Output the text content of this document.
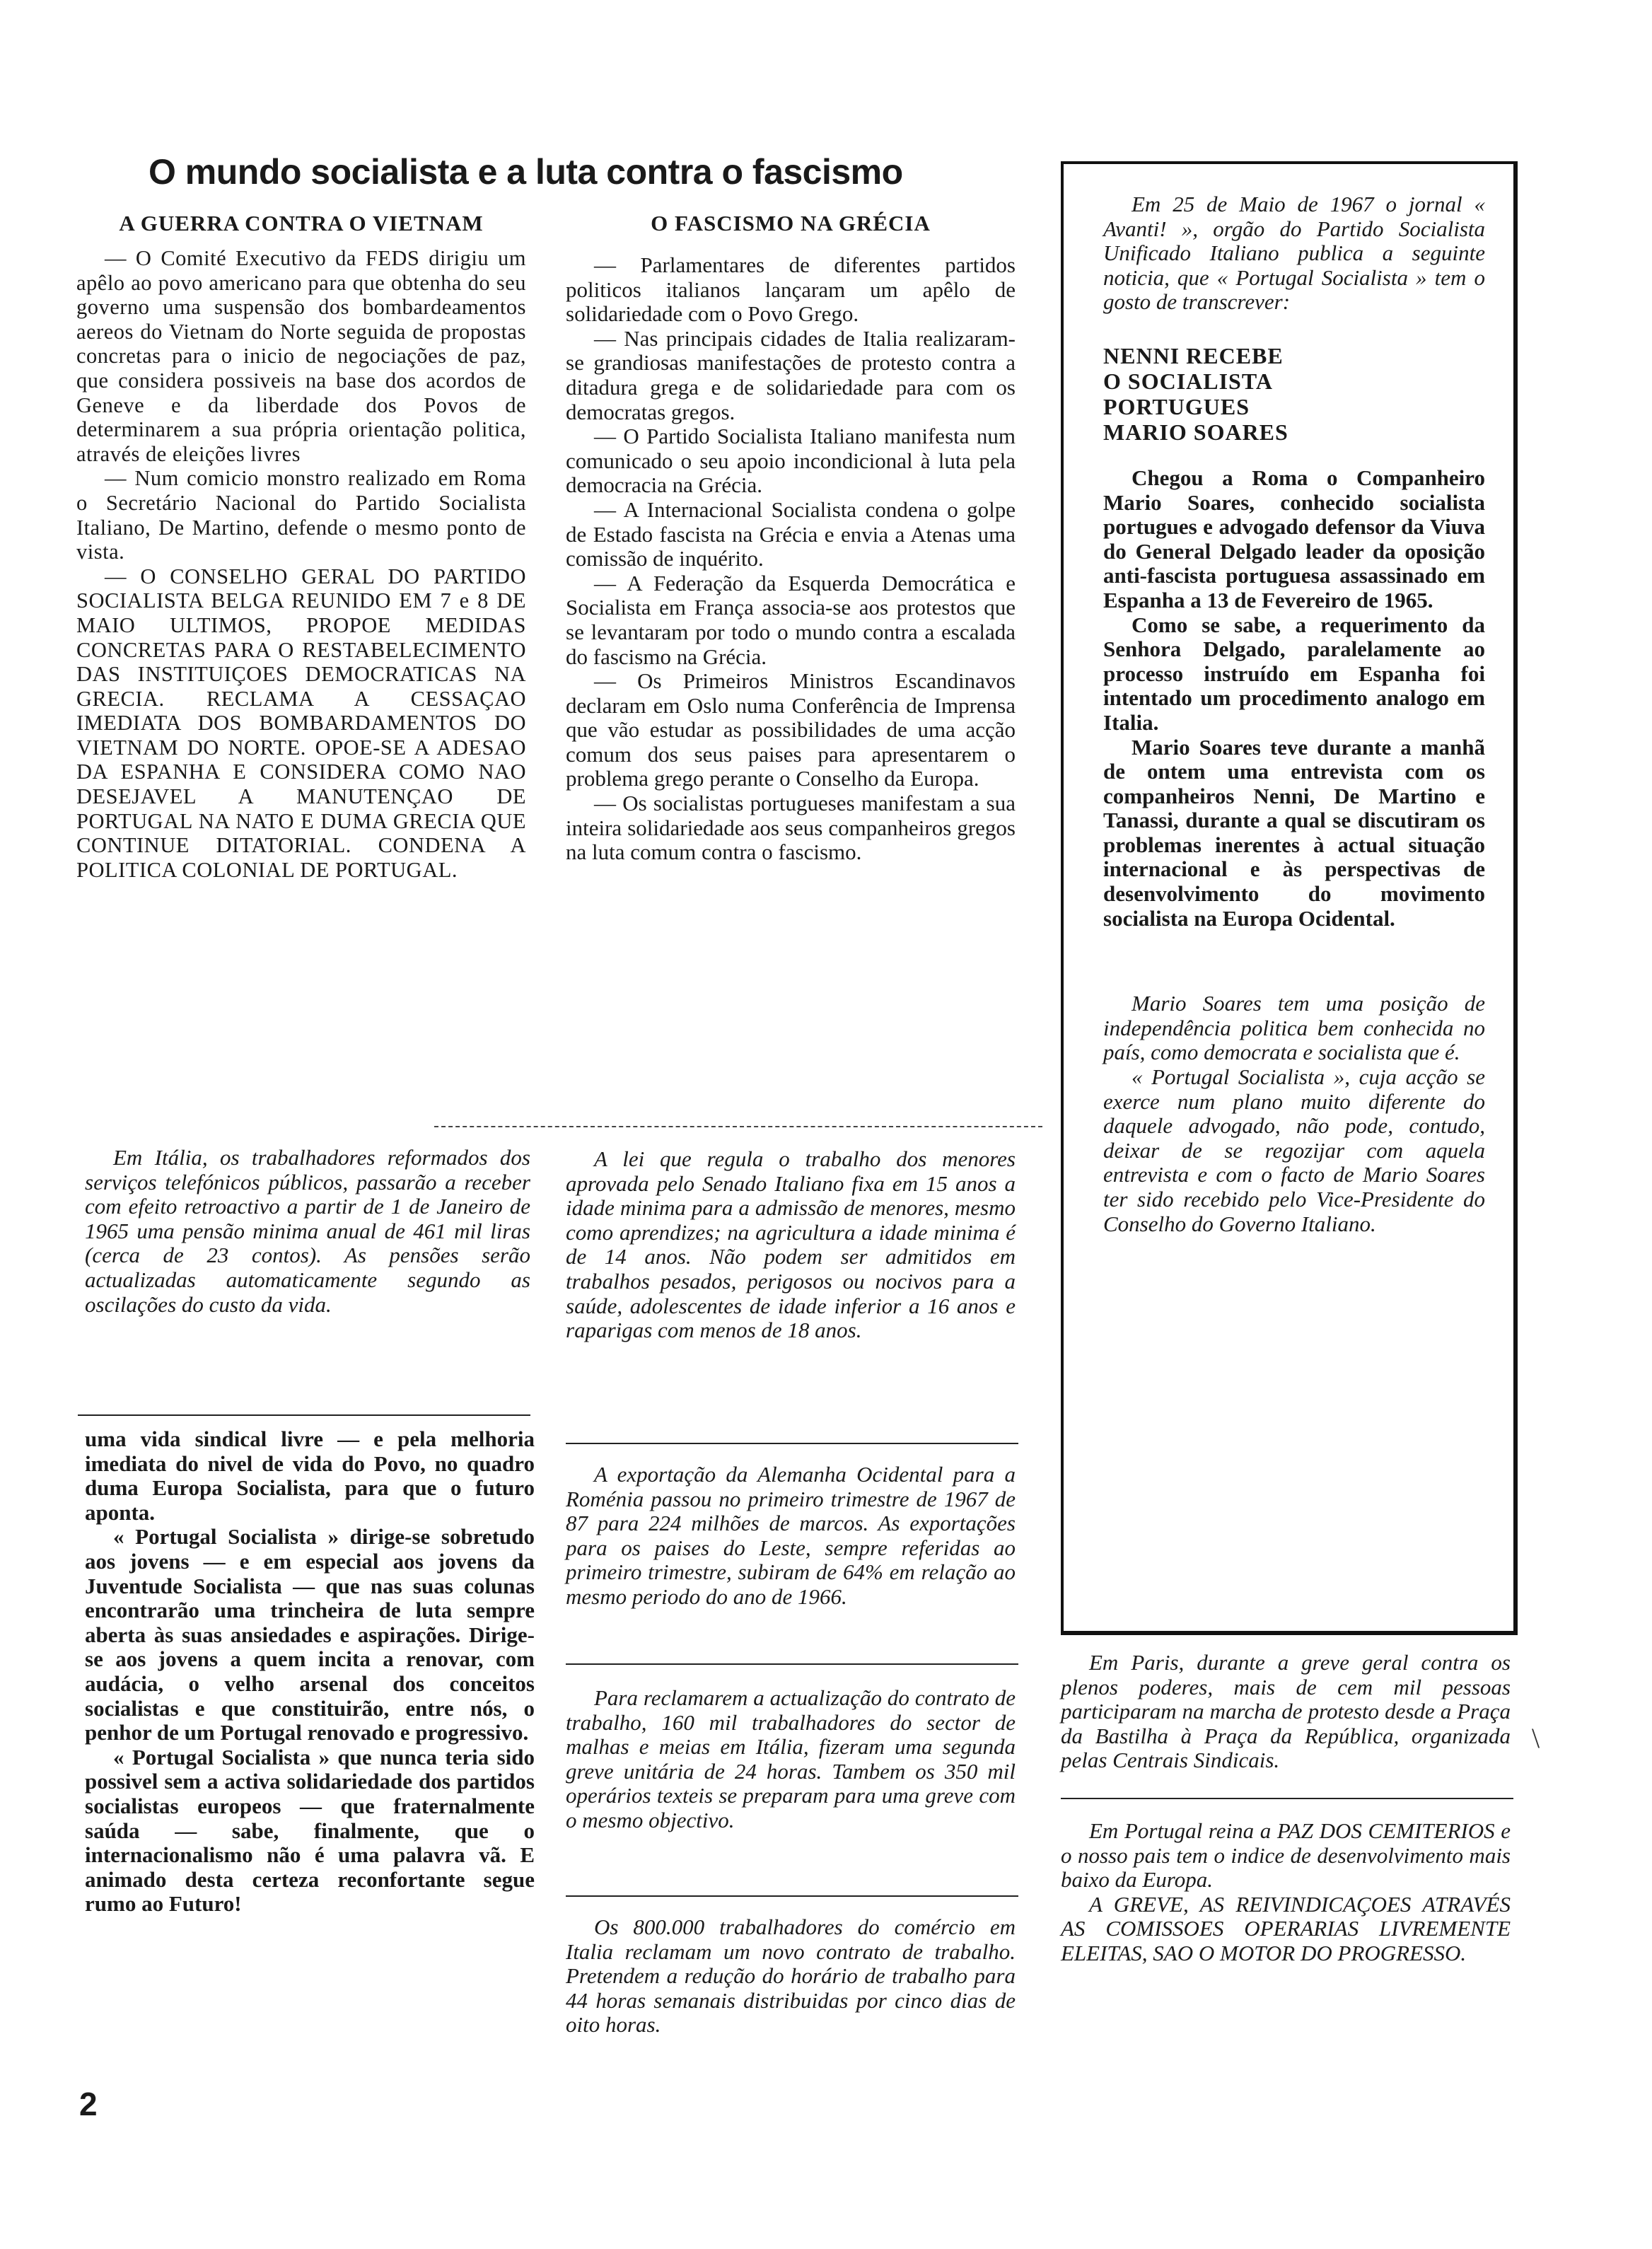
O mundo socialista e a luta contra o fascismo
A GUERRA CONTRA O VIETNAM

— O Comité Executivo da FEDS dirigiu um apêlo ao povo americano para que obtenha do seu governo uma suspensão dos bombardeamentos aereos do Vietnam do Norte seguida de propostas concretas para o inicio de negociações de paz, que considera possiveis na base dos acordos de Geneve e da liberdade dos Povos de determinarem a sua própria orientação politica, através de eleições livres

— Num comicio monstro realizado em Roma o Secretário Nacional do Partido Socialista Italiano, De Martino, defende o mesmo ponto de vista.

— O CONSELHO GERAL DO PARTIDO SOCIALISTA BELGA REUNIDO EM 7 e 8 DE MAIO ULTIMOS, PROPOE MEDIDAS CONCRETAS PARA O RESTABELECIMENTO DAS INSTITUIÇOES DEMOCRATICAS NA GRECIA. RECLAMA A CESSAÇAO IMEDIATA DOS BOMBARDAMENTOS DO VIETNAM DO NORTE. OPOE-SE A ADESAO DA ESPANHA E CONSIDERA COMO NAO DESEJAVEL A MANUTENÇAO DE PORTUGAL NA NATO E DUMA GRECIA QUE CONTINUE DITATORIAL. CONDENA A POLITICA COLONIAL DE PORTUGAL.

O FASCISMO NA GRÉCIA

— Parlamentares de diferentes partidos politicos italianos lançaram um apêlo de solidariedade com o Povo Grego.

— Nas principais cidades de Italia realizaram-se grandiosas manifestações de protesto contra a ditadura grega e de solidariedade para com os democratas gregos.

— O Partido Socialista Italiano manifesta num comunicado o seu apoio incondicional à luta pela democracia na Grécia.

— A Internacional Socialista condena o golpe de Estado fascista na Grécia e envia a Atenas uma comissão de inquérito.

— A Federação da Esquerda Democrática e Socialista em França associa-se aos protestos que se levantaram por todo o mundo contra a escalada do fascismo na Grécia.

— Os Primeiros Ministros Escandinavos declaram em Oslo numa Conferência de Imprensa que vão estudar as possibilidades de uma acção comum dos seus paises para apresentarem o problema grego perante o Conselho da Europa.

— Os socialistas portugueses manifestam a sua inteira solidariedade aos seus companheiros gregos na luta comum contra o fascismo.

Em 25 de Maio de 1967 o jornal « Avanti! », orgão do Partido Socialista Unificado Italiano publica a seguinte noticia, que « Portugal Socialista » tem o gosto de transcrever:

NENNI RECEBE
O SOCIALISTA
PORTUGUES
MARIO SOARES

Chegou a Roma o Companheiro Mario Soares, conhecido socialista portugues e advogado defensor da Viuva do General Delgado leader da oposição anti-fascista portuguesa assassinado em Espanha a 13 de Fevereiro de 1965.

Como se sabe, a requerimento da Senhora Delgado, paralelamente ao processo instruído em Espanha foi intentado um procedimento analogo em Italia.

Mario Soares teve durante a manhã de ontem uma entrevista com os companheiros Nenni, De Martino e Tanassi, durante a qual se discutiram os problemas inerentes à actual situação internacional e às perspectivas de desenvolvimento do movimento socialista na Europa Ocidental.

Mario Soares tem uma posição de independência politica bem conhecida no país, como democrata e socialista que é.

« Portugal Socialista », cuja acção se exerce num plano muito diferente do daquele advogado, não pode, contudo, deixar de se regozijar com aquela entrevista e com o facto de Mario Soares ter sido recebido pelo Vice-Presidente do Conselho do Governo Italiano.

Em Itália, os trabalhadores reformados dos serviços telefónicos públicos, passarão a receber com efeito retroactivo a partir de 1 de Janeiro de 1965 uma pensão minima anual de 461 mil liras (cerca de 23 contos). As pensões serão actualizadas automaticamente segundo as oscilações do custo da vida.

uma vida sindical livre — e pela melhoria imediata do nivel de vida do Povo, no quadro duma Europa Socialista, para que o futuro aponta.

« Portugal Socialista » dirige-se sobretudo aos jovens — e em especial aos jovens da Juventude Socialista — que nas suas colunas encontrarão uma trincheira de luta sempre aberta às suas ansiedades e aspirações. Dirige-se aos jovens a quem incita a renovar, com audácia, o velho arsenal dos conceitos socialistas e que constituirão, entre nós, o penhor de um Portugal renovado e progressivo.

« Portugal Socialista » que nunca teria sido possivel sem a activa solidariedade dos partidos socialistas europeos — que fraternalmente saúda — sabe, finalmente, que o internacionalismo não é uma palavra vã. E animado desta certeza reconfortante segue rumo ao Futuro!

A lei que regula o trabalho dos menores aprovada pelo Senado Italiano fixa em 15 anos a idade minima para a admissão de menores, mesmo como aprendizes; na agricultura a idade minima é de 14 anos. Não podem ser admitidos em trabalhos pesados, perigosos ou nocivos para a saúde, adolescentes de idade inferior a 16 anos e raparigas com menos de 18 anos.

A exportação da Alemanha Ocidental para a Roménia passou no primeiro trimestre de 1967 de 87 para 224 milhões de marcos. As exportações para os paises do Leste, sempre referidas ao primeiro trimestre, subiram de 64% em relação ao mesmo periodo do ano de 1966.

Para reclamarem a actualização do contrato de trabalho, 160 mil trabalhadores do sector de malhas e meias em Itália, fizeram uma segunda greve unitária de 24 horas. Tambem os 350 mil operários texteis se preparam para uma greve com o mesmo objectivo.

Os 800.000 trabalhadores do comércio em Italia reclamam um novo contrato de trabalho. Pretendem a redução do horário de trabalho para 44 horas semanais distribuidas por cinco dias de oito horas.

Em Paris, durante a greve geral contra os plenos poderes, mais de cem mil pessoas participaram na marcha de protesto desde a Praça da Bastilha à Praça da República, organizada pelas Centrais Sindicais.

\

Em Portugal reina a PAZ DOS CEMITERIOS e o nosso pais tem o indice de desenvolvimento mais baixo da Europa.

A GREVE, AS REIVINDICAÇOES ATRAVÉS AS COMISSOES OPERARIAS LIVREMENTE ELEITAS, SAO O MOTOR DO PROGRESSO.

2
